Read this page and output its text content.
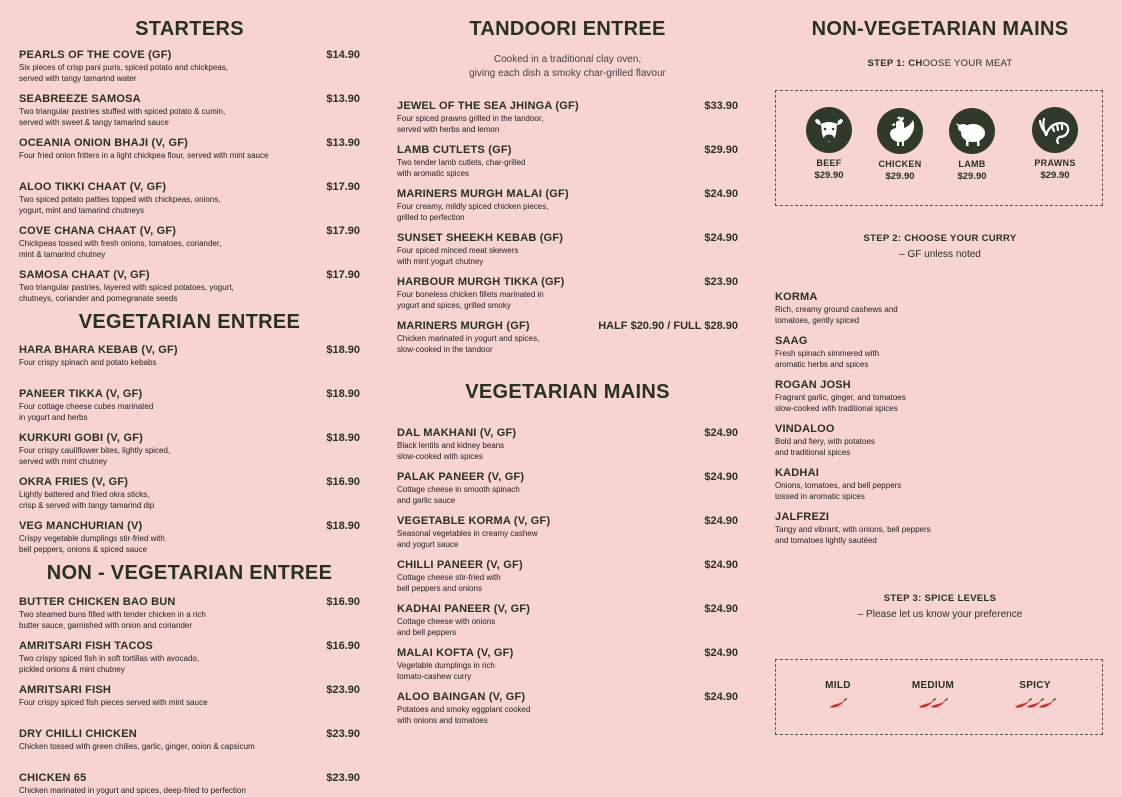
STARTERS
PEARLS OF THE COVE (GF)	$14.90
Six pieces of crisp pani puris, spiced potato and chickpeas,
served with tangy tamarind water
SEABREEZE SAMOSA	$13.90
Two triangular pastries stuffed with spiced potato & cumin,
served with sweet & tangy tamarind sauce
OCEANIA ONION BHAJI (V, GF)	$13.90
Four fried onion fritters in a light chickpea flour, served with mint sauce
ALOO TIKKI CHAAT (V, GF)	$17.90
Two spiced potato patties topped with chickpeas, onions,
yogurt, mint and tamarind chutneys
COVE CHANA CHAAT (V, GF)	$17.90
Chickpeas tossed with fresh onions, tomatoes, coriander,
mint & tamarind chutney
SAMOSA CHAAT (V, GF)	$17.90
Two triangular pastries, layered with spiced potatoes, yogurt,
chutneys, coriander and pomegranate seeds
VEGETARIAN ENTREE
HARA BHARA KEBAB (V, GF)	$18.90
Four crispy spinach and potato kebabs
PANEER TIKKA (V, GF)	$18.90
Four cottage cheese cubes marinated
in yogurt and herbs
KURKURI GOBI (V, GF)	$18.90
Four crispy cauliflower bites, lightly spiced,
served with mint chutney
OKRA FRIES (V, GF)	$16.90
Lightly battered and fried okra sticks,
crisp & served with tangy tamarind dip
VEG MANCHURIAN (V)	$18.90
Crispy vegetable dumplings stir-fried with
bell peppers, onions & spiced sauce
NON - VEGETARIAN ENTREE
BUTTER CHICKEN BAO BUN	$16.90
Two steamed buns filled with tender chicken in a rich
butter sauce, garnished with onion and coriander
AMRITSARI FISH TACOS	$16.90
Two crispy spiced fish in soft tortillas with avocado,
pickled onions & mint chutney
AMRITSARI FISH	$23.90
Four crispy spiced fish pieces served with mint sauce
DRY CHILLI CHICKEN	$23.90
Chicken tossed with green chilies, garlic, ginger, onion & capsicum
CHICKEN 65	$23.90
Chicken marinated in yogurt and spices, deep-fried to perfection
TANDOORI ENTREE
Cooked in a traditional clay oven,
giving each dish a smoky char-grilled flavour
JEWEL OF THE SEA JHINGA (GF)	$33.90
Four spiced prawns grilled in the tandoor,
served with herbs and lemon
LAMB CUTLETS (GF)	$29.90
Two tender lamb cutlets, char-grilled
with aromatic spices
MARINERS MURGH MALAI (GF)	$24.90
Four creamy, mildly spiced chicken pieces,
grilled to perfection
SUNSET SHEEKH KEBAB (GF)	$24.90
Four spiced minced meat skewers
with mint yogurt chutney
HARBOUR MURGH TIKKA (GF)	$23.90
Four boneless chicken fillets marinated in
yogurt and spices, grilled smoky
MARINERS MURGH (GF)	HALF $20.90 / FULL $28.90
Chicken marinated in yogurt and spices,
slow-cooked in the tandoor
VEGETARIAN MAINS
DAL MAKHANI (V, GF)	$24.90
Black lentils and kidney beans
slow-cooked with spices
PALAK PANEER (V, GF)	$24.90
Cottage cheese in smooth spinach
and garlic sauce
VEGETABLE KORMA (V, GF)	$24.90
Seasonal vegetables in creamy cashew
and yogurt sauce
CHILLI PANEER (V, GF)	$24.90
Cottage cheese stir-fried with
bell peppers and onions
KADHAI PANEER (V, GF)	$24.90
Cottage cheese with onions
and bell peppers
MALAI KOFTA (V, GF)	$24.90
Vegetable dumplings in rich
tomato-cashew curry
ALOO BAINGAN (V, GF)	$24.90
Potatoes and smoky eggplant cooked
with onions and tomatoes
NON-VEGETARIAN MAINS
STEP 1: CHOOSE YOUR MEAT
BEEF
$29.90
CHICKEN
$29.90
LAMB
$29.90
PRAWNS
$29.90
STEP 2: CHOOSE YOUR CURRY
– GF unless noted
KORMA
Rich, creamy ground cashews and
tomatoes, gently spiced
SAAG
Fresh spinach simmered with
aromatic herbs and spices
ROGAN JOSH
Fragrant garlic, ginger, and tomatoes
slow-cooked with traditional spices
VINDALOO
Bold and fiery, with potatoes
and traditional spices
KADHAI
Onions, tomatoes, and bell peppers
tossed in aromatic spices
JALFREZI
Tangy and vibrant, with onions, bell peppers
and tomatoes lightly sautéed
STEP 3: SPICE LEVELS
– Please let us know your preference
MILD	MEDIUM	SPICY
